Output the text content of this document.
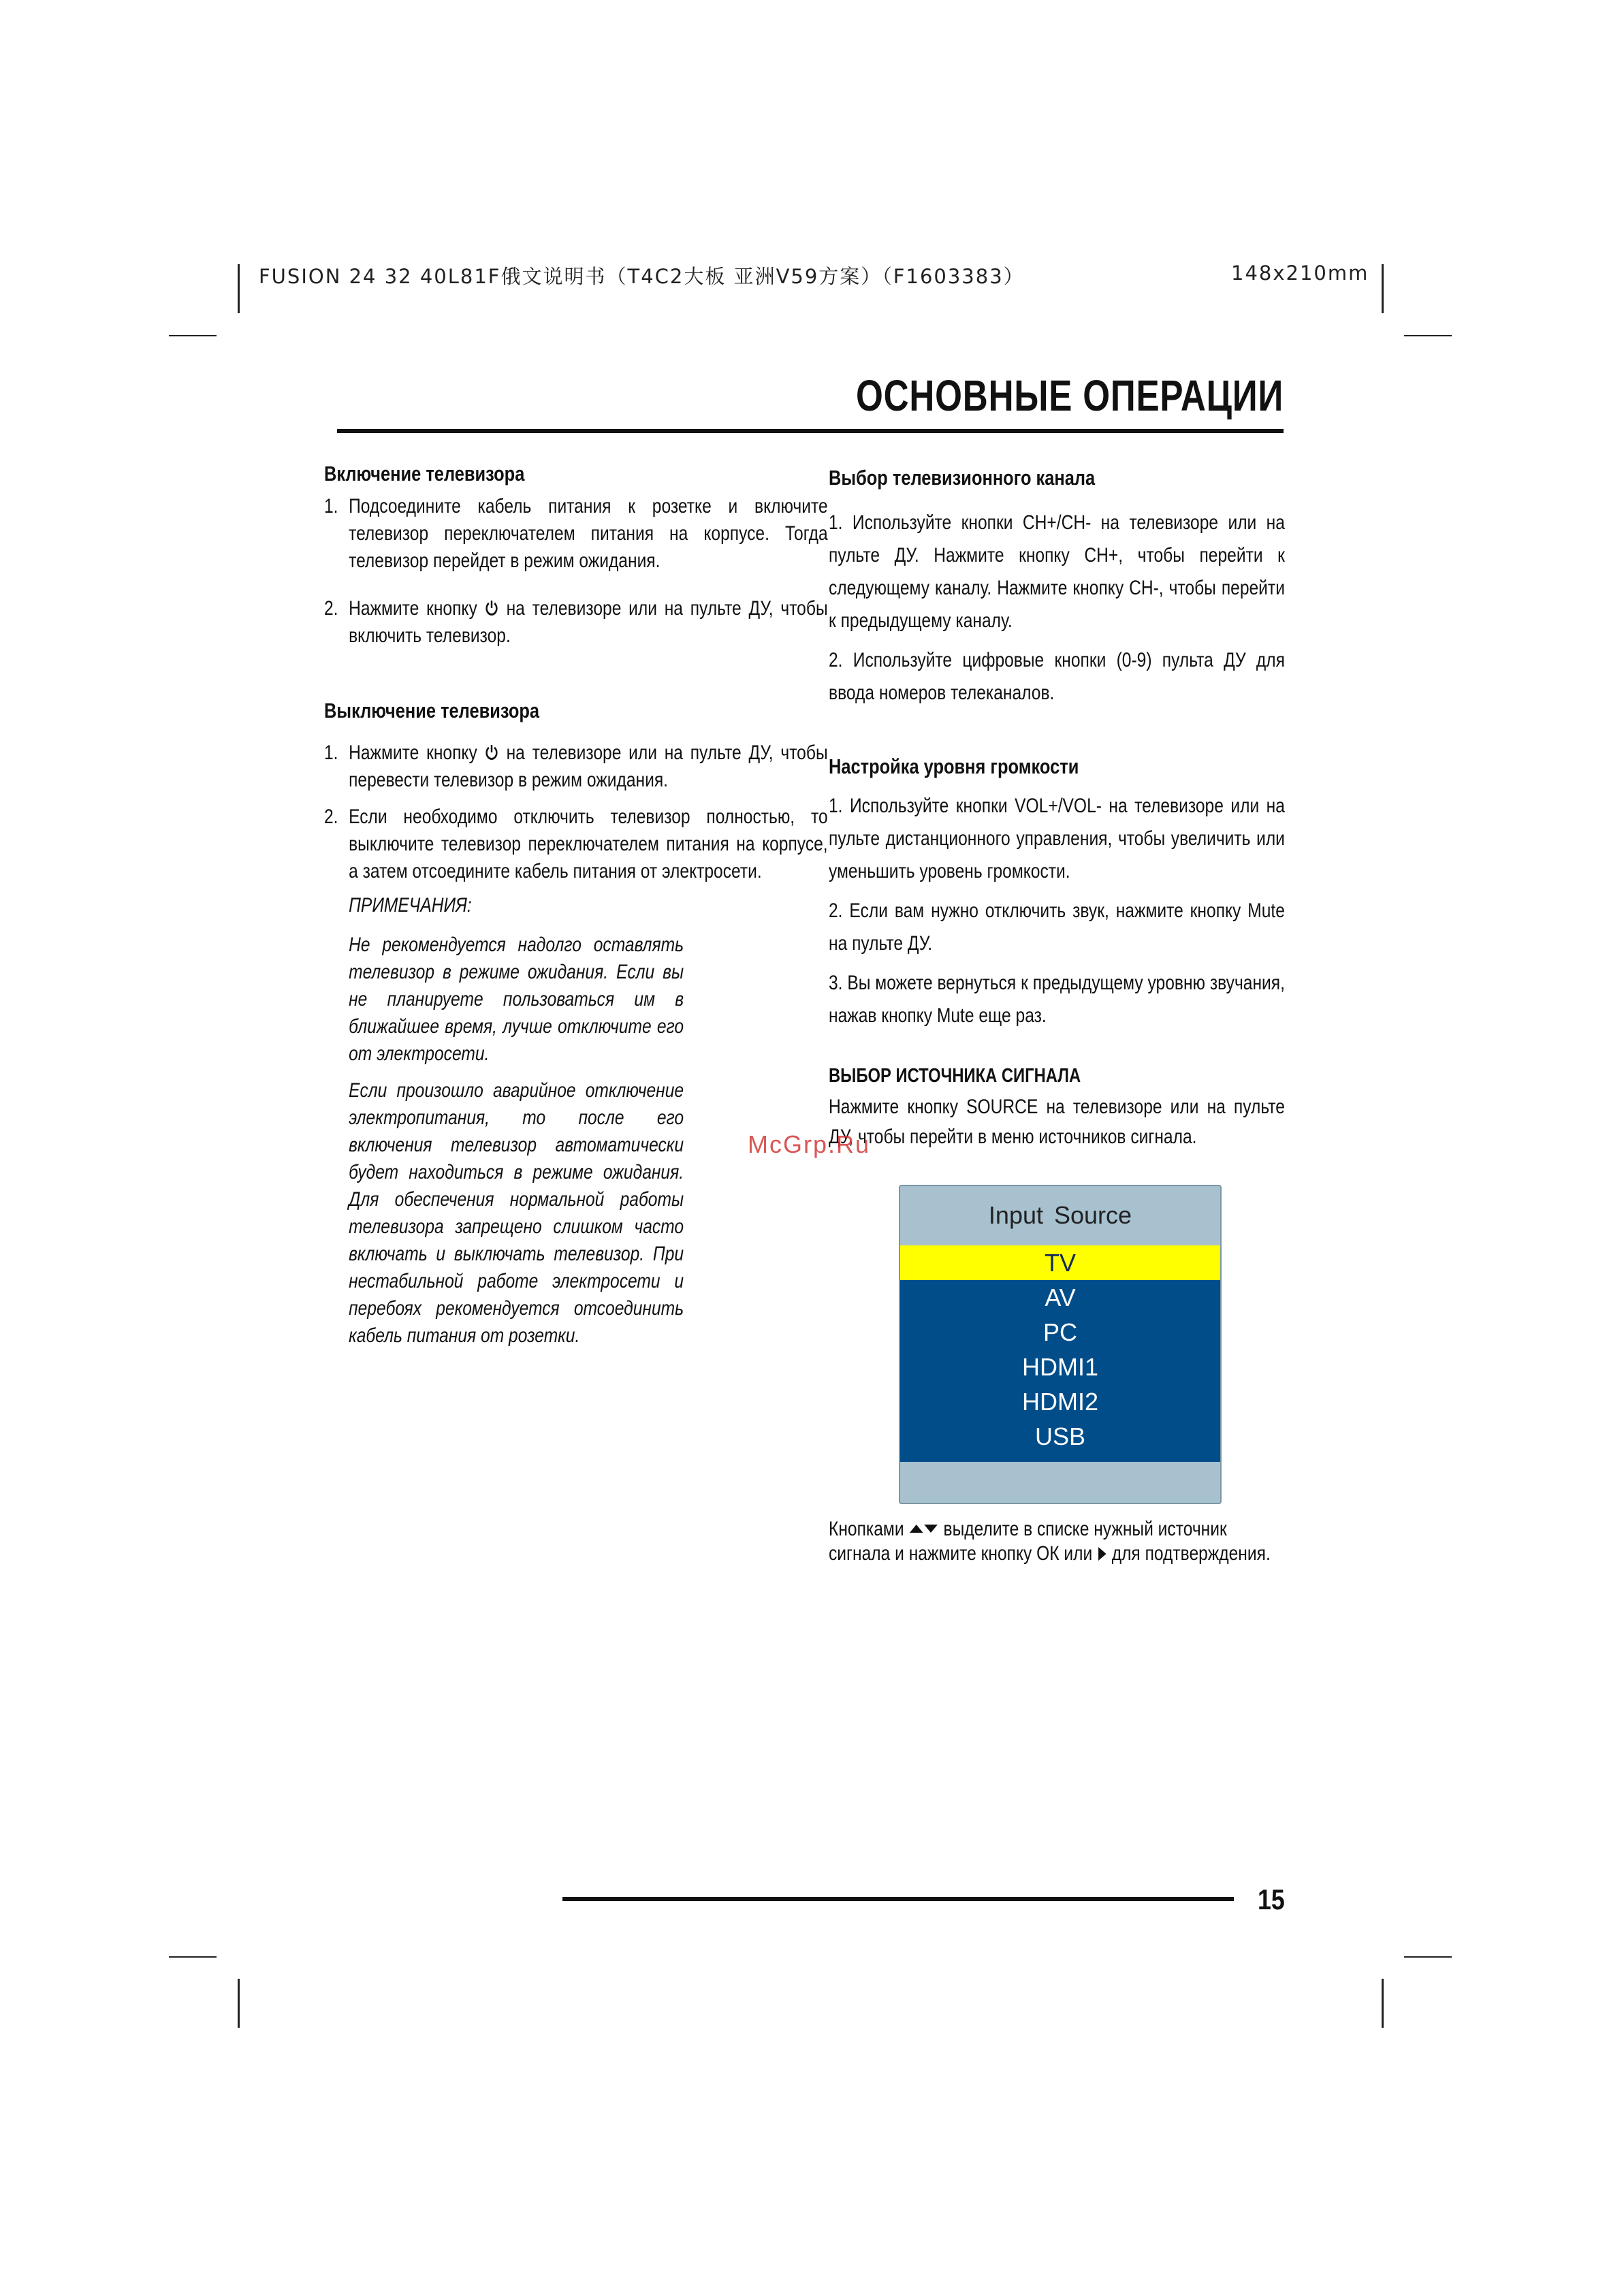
FUSION 24 32 40L81F俄文说明书（T4C2大板 亚洲V59方案）（F1603383）	148x210mm
ОСНОВНЫЕ ОПЕРАЦИИ
Включение телевизора
1. Подсоедините кабель питания к розетке и включите телевизор переключателем питания на корпусе. Тогда телевизор перейдет в режим ожидания.
2. Нажмите кнопку на телевизоре или на пульте ДУ, чтобы включить телевизор.
Выключение телевизора
1. Нажмите кнопку на телевизоре или на пульте ДУ, чтобы перевести телевизор в режим ожидания.
2. Если необходимо отключить телевизор полностью, то выключите телевизор переключателем питания на корпусе, а затем отсоедините кабель питания от электросети.
ПРИМЕЧАНИЯ:
Не рекомендуется надолго оставлять телевизор в режиме ожидания. Если вы не планируете пользоваться им в ближайшее время, лучше отключите его от электросети.
Если произошло аварийное отключение электропитания, то после его включения телевизор автоматически будет находиться в режиме ожидания. Для обеспечения нормальной работы телевизора запрещено слишком часто включать и выключать телевизор. При нестабильной работе электросети и перебоях рекомендуется отсоединить кабель питания от розетки.
Выбор телевизионного канала
1. Используйте кнопки CH+/CH- на телевизоре или на пульте ДУ. Нажмите кнопку CH+, чтобы перейти к следующему каналу. Нажмите кнопку CH-, чтобы перейти к предыдущему каналу.
2. Используйте цифровые кнопки (0-9) пульта ДУ для ввода номеров телеканалов.
Настройка уровня громкости
1. Используйте кнопки VOL+/VOL- на телевизоре или на пульте дистанционного управления, чтобы увеличить или уменьшить уровень громкости.
2. Если вам нужно отключить звук, нажмите кнопку Mute на пульте ДУ.
3. Вы можете вернуться к предыдущему уровню звучания, нажав кнопку Mute еще раз.
ВЫБОР ИСТОЧНИКА СИГНАЛА
Нажмите кнопку SOURCE на телевизоре или на пульте ДУ, чтобы перейти в меню источников сигнала.
McGrp.Ru
Input Source
TV
AV
PC
HDMI1
HDMI2
USB
Кнопками выделите в списке нужный источник сигнала и нажмите кнопку ОК или для подтверждения.
15
